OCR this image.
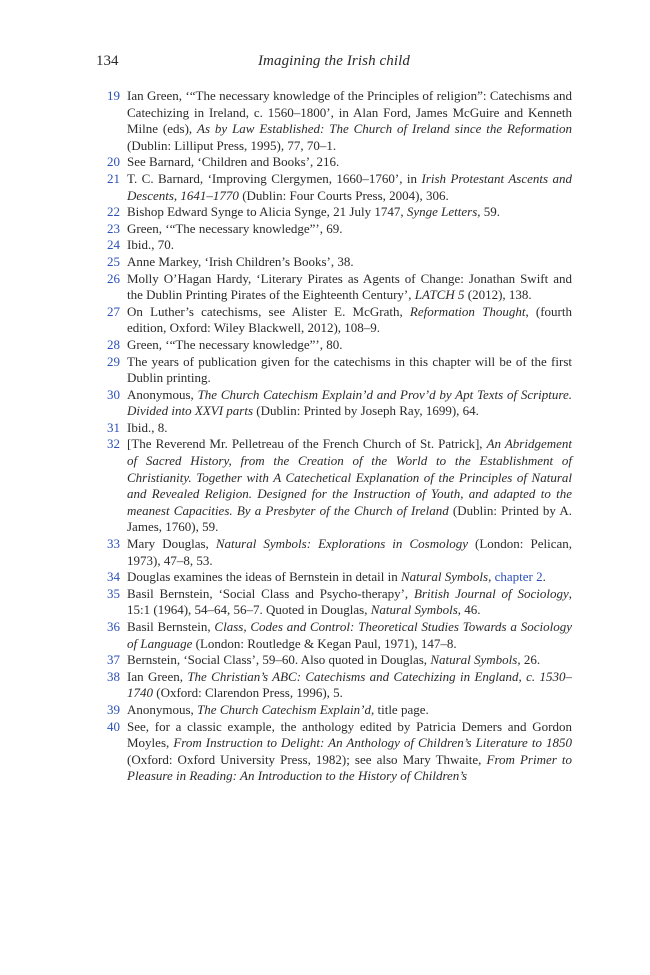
134	Imagining the Irish child
19 Ian Green, ‘“The necessary knowledge of the Principles of religion”: Catechisms and Catechizing in Ireland, c. 1560–1800’, in Alan Ford, James McGuire and Kenneth Milne (eds), As by Law Established: The Church of Ireland since the Reformation (Dublin: Lilliput Press, 1995), 77, 70–1.
20 See Barnard, ‘Children and Books’, 216.
21 T. C. Barnard, ‘Improving Clergymen, 1660–1760’, in Irish Protestant Ascents and Descents, 1641–1770 (Dublin: Four Courts Press, 2004), 306.
22 Bishop Edward Synge to Alicia Synge, 21 July 1747, Synge Letters, 59.
23 Green, ‘“The necessary knowledge”’, 69.
24 Ibid., 70.
25 Anne Markey, ‘Irish Children’s Books’, 38.
26 Molly O’Hagan Hardy, ‘Literary Pirates as Agents of Change: Jonathan Swift and the Dublin Printing Pirates of the Eighteenth Century’, LATCH 5 (2012), 138.
27 On Luther’s catechisms, see Alister E. McGrath, Reformation Thought, (fourth edition, Oxford: Wiley Blackwell, 2012), 108–9.
28 Green, ‘“The necessary knowledge”’, 80.
29 The years of publication given for the catechisms in this chapter will be of the first Dublin printing.
30 Anonymous, The Church Catechism Explain’d and Prov’d by Apt Texts of Scripture. Divided into XXVI parts (Dublin: Printed by Joseph Ray, 1699), 64.
31 Ibid., 8.
32 [The Reverend Mr. Pelletreau of the French Church of St. Patrick], An Abridgement of Sacred History, from the Creation of the World to the Establishment of Christianity. Together with A Catechetical Explanation of the Principles of Natural and Revealed Religion. Designed for the Instruction of Youth, and adapted to the meanest Capacities. By a Presbyter of the Church of Ireland (Dublin: Printed by A. James, 1760), 59.
33 Mary Douglas, Natural Symbols: Explorations in Cosmology (London: Pelican, 1973), 47–8, 53.
34 Douglas examines the ideas of Bernstein in detail in Natural Symbols, chapter 2.
35 Basil Bernstein, ‘Social Class and Psycho-therapy’, British Journal of Sociology, 15:1 (1964), 54–64, 56–7. Quoted in Douglas, Natural Symbols, 46.
36 Basil Bernstein, Class, Codes and Control: Theoretical Studies Towards a Sociology of Language (London: Routledge & Kegan Paul, 1971), 147–8.
37 Bernstein, ‘Social Class’, 59–60. Also quoted in Douglas, Natural Symbols, 26.
38 Ian Green, The Christian’s ABC: Catechisms and Catechizing in England, c. 1530–1740 (Oxford: Clarendon Press, 1996), 5.
39 Anonymous, The Church Catechism Explain’d, title page.
40 See, for a classic example, the anthology edited by Patricia Demers and Gordon Moyles, From Instruction to Delight: An Anthology of Children’s Literature to 1850 (Oxford: Oxford University Press, 1982); see also Mary Thwaite, From Primer to Pleasure in Reading: An Introduction to the History of Children’s
